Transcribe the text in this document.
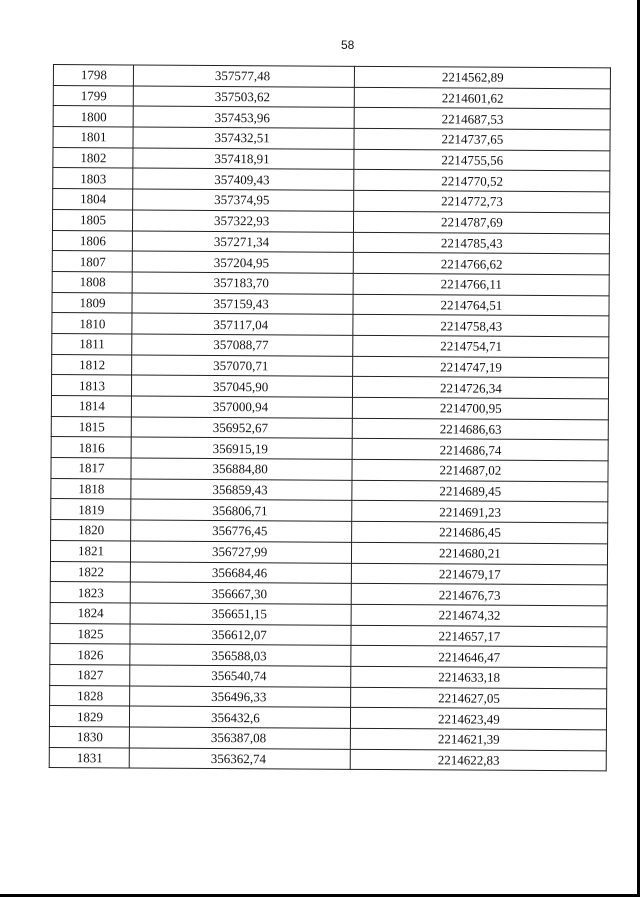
58
1798	357577,48	2214562,89
1799	357503,62	2214601,62
1800	357453,96	2214687,53
1801	357432,51	2214737,65
1802	357418,91	2214755,56
1803	357409,43	2214770,52
1804	357374,95	2214772,73
1805	357322,93	2214787,69
1806	357271,34	2214785,43
1807	357204,95	2214766,62
1808	357183,70	2214766,11
1809	357159,43	2214764,51
1810	357117,04	2214758,43
1811	357088,77	2214754,71
1812	357070,71	2214747,19
1813	357045,90	2214726,34
1814	357000,94	2214700,95
1815	356952,67	2214686,63
1816	356915,19	2214686,74
1817	356884,80	2214687,02
1818	356859,43	2214689,45
1819	356806,71	2214691,23
1820	356776,45	2214686,45
1821	356727,99	2214680,21
1822	356684,46	2214679,17
1823	356667,30	2214676,73
1824	356651,15	2214674,32
1825	356612,07	2214657,17
1826	356588,03	2214646,47
1827	356540,74	2214633,18
1828	356496,33	2214627,05
1829	356432,6	2214623,49
1830	356387,08	2214621,39
1831	356362,74	2214622,83
